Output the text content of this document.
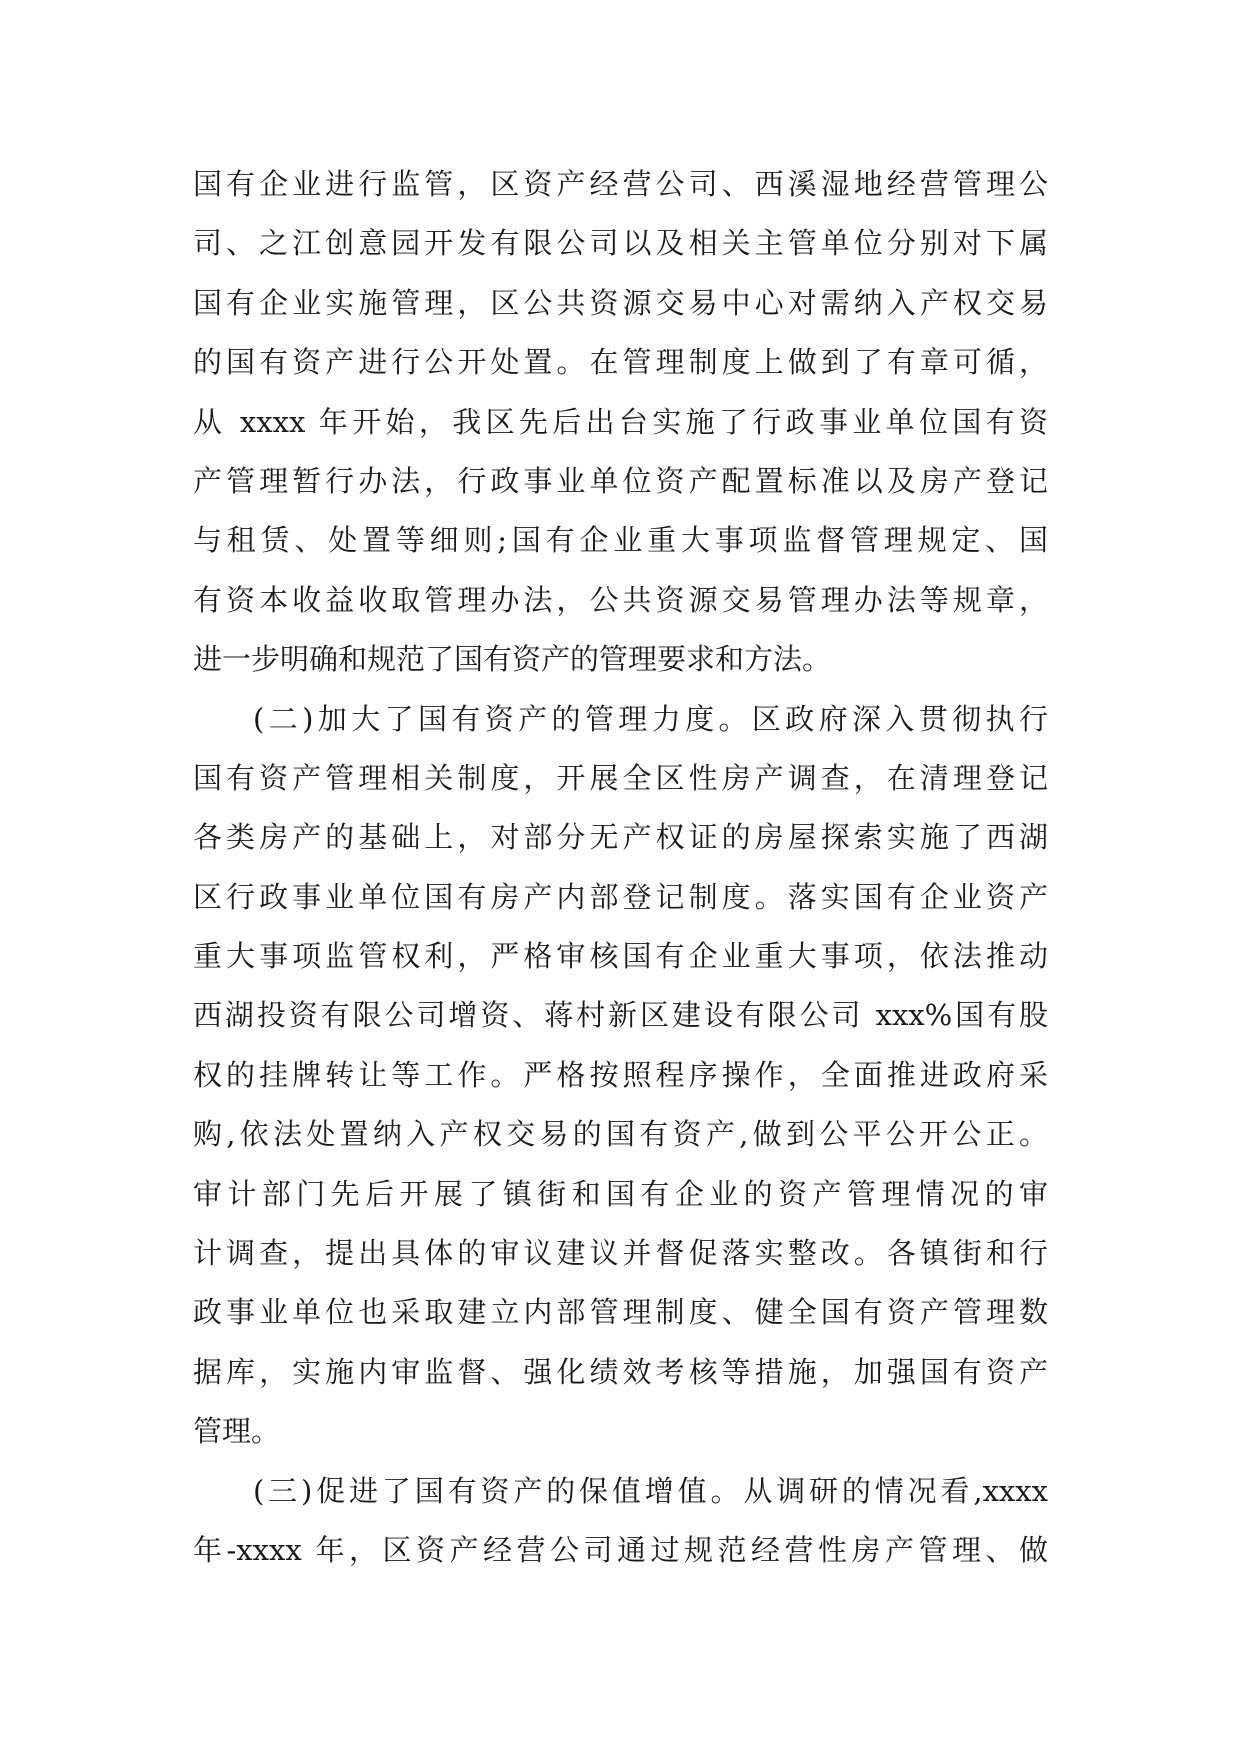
国有企业进行监管，区资产经营公司、西溪湿地经营管理公
司、之江创意园开发有限公司以及相关主管单位分别对下属
国有企业实施管理，区公共资源交易中心对需纳入产权交易
的国有资产进行公开处置。在管理制度上做到了有章可循，
从 xxxx 年开始，我区先后出台实施了行政事业单位国有资
产管理暂行办法，行政事业单位资产配置标准以及房产登记
与租赁、处置等细则;国有企业重大事项监督管理规定、国
有资本收益收取管理办法，公共资源交易管理办法等规章，
进一步明确和规范了国有资产的管理要求和方法。
(二)加大了国有资产的管理力度。区政府深入贯彻执行
国有资产管理相关制度，开展全区性房产调查，在清理登记
各类房产的基础上，对部分无产权证的房屋探索实施了西湖
区行政事业单位国有房产内部登记制度。落实国有企业资产
重大事项监管权利，严格审核国有企业重大事项，依法推动
西湖投资有限公司增资、蒋村新区建设有限公司 xxx%国有股
权的挂牌转让等工作。严格按照程序操作，全面推进政府采
购,依法处置纳入产权交易的国有资产,做到公平公开公正。
审计部门先后开展了镇街和国有企业的资产管理情况的审
计调查，提出具体的审议建议并督促落实整改。各镇街和行
政事业单位也采取建立内部管理制度、健全国有资产管理数
据库，实施内审监督、强化绩效考核等措施，加强国有资产
管理。
(三)促进了国有资产的保值增值。从调研的情况看,xxxx
年-xxxx 年，区资产经营公司通过规范经营性房产管理、做
